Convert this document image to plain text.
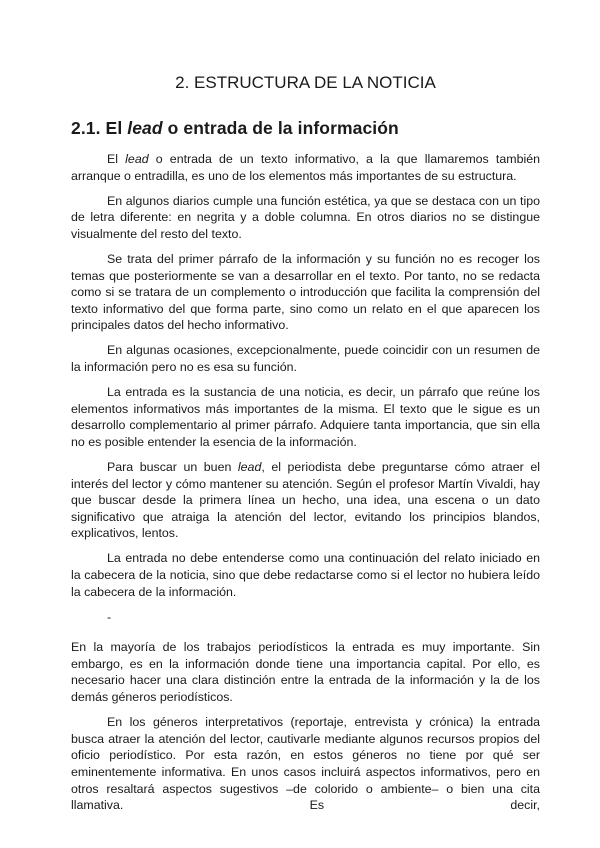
2. ESTRUCTURA DE LA NOTICIA
2.1. El lead o entrada de la información

El lead o entrada de un texto informativo, a la que llamaremos también arranque o entradilla, es uno de los elementos más importantes de su estructura.

En algunos diarios cumple una función estética, ya que se destaca con un tipo de letra diferente: en negrita y a doble columna. En otros diarios no se distingue visualmente del resto del texto.

Se trata del primer párrafo de la información y su función no es recoger los temas que posteriormente se van a desarrollar en el texto. Por tanto, no se redacta como si se tratara de un complemento o introducción que facilita la comprensión del texto informativo del que forma parte, sino como un relato en el que aparecen los principales datos del hecho informativo.

En algunas ocasiones, excepcionalmente, puede coincidir con un resumen de la información pero no es esa su función.

La entrada es la sustancia de una noticia, es decir, un párrafo que reúne los elementos informativos más importantes de la misma. El texto que le sigue es un desarrollo complementario al primer párrafo. Adquiere tanta importancia, que sin ella no es posible entender la esencia de la información.

Para buscar un buen lead, el periodista debe preguntarse cómo atraer el interés del lector y cómo mantener su atención. Según el profesor Martín Vivaldi, hay que buscar desde la primera línea un hecho, una idea, una escena o un dato significativo que atraiga la atención del lector, evitando los principios blandos, explicativos, lentos.

La entrada no debe entenderse como una continuación del relato iniciado en la cabecera de la noticia, sino que debe redactarse como si el lector no hubiera leído la cabecera de la información.

-

En la mayoría de los trabajos periodísticos la entrada es muy importante. Sin embargo, es en la información donde tiene una importancia capital. Por ello, es necesario hacer una clara distinción entre la entrada de la información y la de los demás géneros periodísticos.

En los géneros interpretativos (reportaje, entrevista y crónica) la entrada busca atraer la atención del lector, cautivarle mediante algunos recursos propios del oficio periodístico. Por esta razón, en estos géneros no tiene por qué ser eminentemente informativa. En unos casos incluirá aspectos informativos, pero en otros resaltará aspectos sugestivos –de colorido o ambiente– o bien una cita llamativa. Es decir,
